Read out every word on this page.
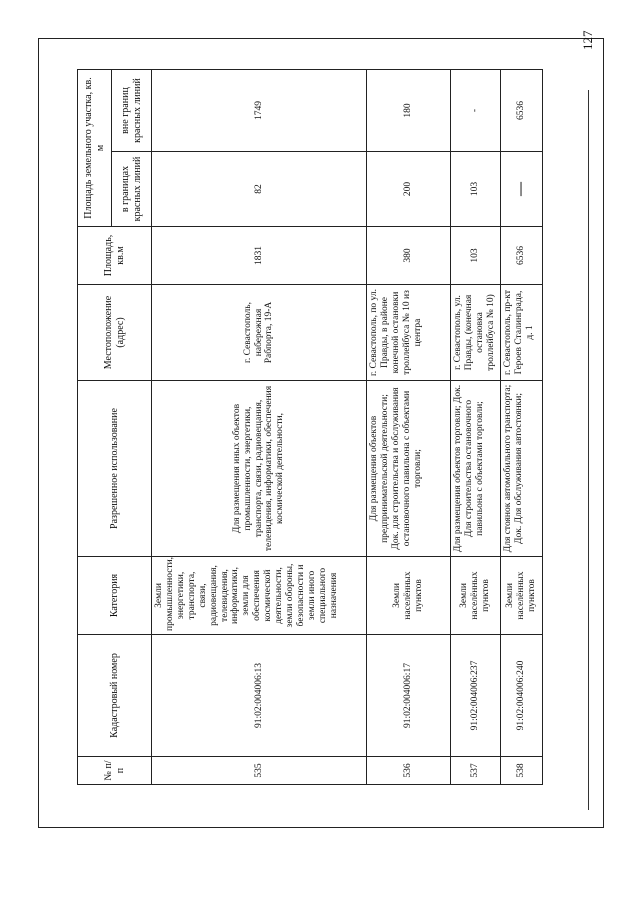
127
№ п/п	Кадастровый номер	Категория	Разрешенное использование	Местоположение (адрес)	Площадь, кв.м	Площадь земельного участка, кв. м	
						в границах красных линий	вне границ красных линий
535	91:02:004006:13	Земли промышленности, энергетики, транспорта, связи, радиовещания, телевидения, информатики, земли для обеспечения космической деятельности, земли обороны, безопасности и земли иного специального назначения	Для размещения иных объектов промышленности, энергетики, транспорта, связи, радиовещания, телевидения, информатики, обеспечения космической деятельности,	г. Севастополь, набережная Рабпорта, 19-А	1831	82	1749
536	91:02:004006:17	Земли населённых пунктов	Для размещения объектов предпринимательской деятельности; Док. для строительства и обслуживания остановочного павильона с объектами торговли;	г. Севастополь, по ул. Правды, в районе конечной остановки троллейбуса № 10 из центра	380	200	180
537	91:02:004006:237	Земли населённых пунктов	Для размещения объектов торговли; Док. Для строительства остановочного павильона с объектами торговли;	г. Севастополь, ул. Правды, (конечная остановка троллейбуса № 10)	103	103	-
538	91:02:004006:240	Земли населённых пунктов	Для стоянок автомобильного транспорта; Док. Для обслуживания автостоянки;	г. Севастополь, пр-кт Героев Сталинграда, д. 1	6536	—	6536
